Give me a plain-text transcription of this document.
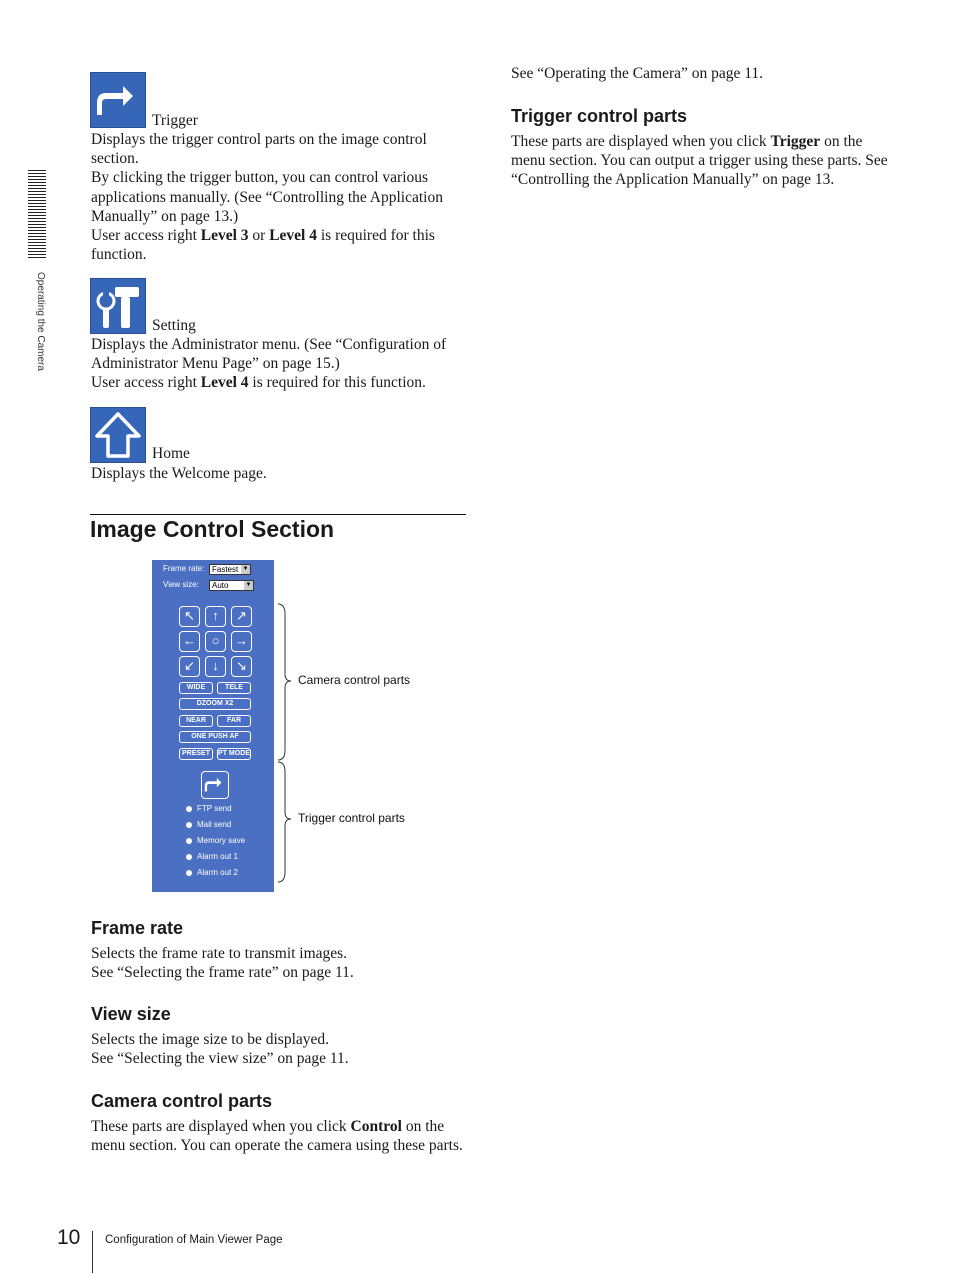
Operating the Camera
Trigger

Displays the trigger control parts on the image control section.

By clicking the trigger button, you can control various applications manually. (See “Controlling the Application Manually” on page 13.)

User access right Level 3 or Level 4 is required for this function.

Setting

Displays the Administrator menu. (See “Configuration of Administrator Menu Page” on page 15.)

User access right Level 4 is required for this function.

Home
Displays the Welcome page.
Image Control Section
Frame rate: Fastest ▼
View size:	Auto	▼
↖	↑	↗
←	○	→
↙	↓	↘
WIDE	TELE
DZOOM X2
NEAR	FAR
ONE PUSH AF
PRESET	PT MODE
FTP send
Mail send
Memory save
Alarm out 1
Alarm out 2
Camera control parts
Trigger control parts
Frame rate

Selects the frame rate to transmit images.

See “Selecting the frame rate” on page 11.

View size

Selects the image size to be displayed.

See “Selecting the view size” on page 11.

Camera control parts

These parts are displayed when you click Control on the menu section. You can operate the camera using these parts.

See “Operating the Camera” on page 11.
Trigger control parts

These parts are displayed when you click Trigger on the menu section. You can output a trigger using these parts. See “Controlling the Application Manually” on page 13.

10 Configuration of Main Viewer Page
